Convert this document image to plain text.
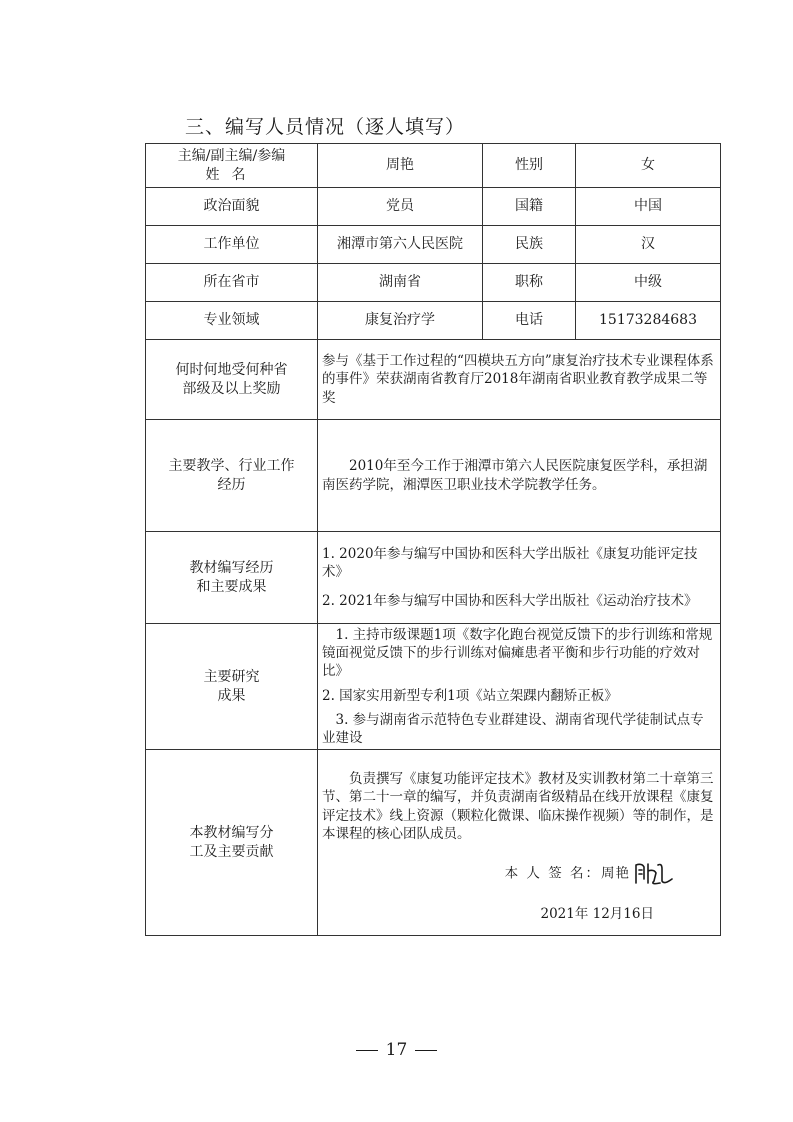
三、编写人员情况（逐人填写）
主编/副主编/参编
姓名	周艳	性别	女
政治面貌	党员	国籍	中国
工作单位	湘潭市第六人民医院	民族	汉
所在省市	湖南省	职称	中级
专业领域	康复治疗学	电话	15173284683
何时何地受何种省部级及以上奖励	参与《基于工作过程的“四模块五方向”康复治疗技术专业课程体系的事件》荣获湖南省教育厅2018年湖南省职业教育教学成果二等奖		
主要教学、行业工作经历	2010年至今工作于湘潭市第六人民医院康复医学科，承担湖南医药学院，湘潭医卫职业技术学院教学任务。		

教材编写经历和主要成果	1. 2020年参与编写中国协和医科大学出版社《康复功能评定技术》

2. 2021年参与编写中国协和医科大学出版社《运动治疗技术》		

主要研究成果	1. 主持市级课题1项《数字化跑台视觉反馈下的步行训练和常规镜面视觉反馈下的步行训练对偏瘫患者平衡和步行功能的疗效对比》

2. 国家实用新型专利1项《站立架踝内翻矫正板》

3. 参与湖南省示范特色专业群建设、湖南省现代学徒制试点专业建设		

本教材编写分工及主要贡献	负责撰写《康复功能评定技术》教材及实训教材第二十章第三节、第二十一章的编写，并负责湖南省级精品在线开放课程《康复评定技术》线上资源（颗粒化微课、临床操作视频）等的制作，是本课程的核心团队成员。

本 人 签 名：周艳
2021年 12月16日		
17
